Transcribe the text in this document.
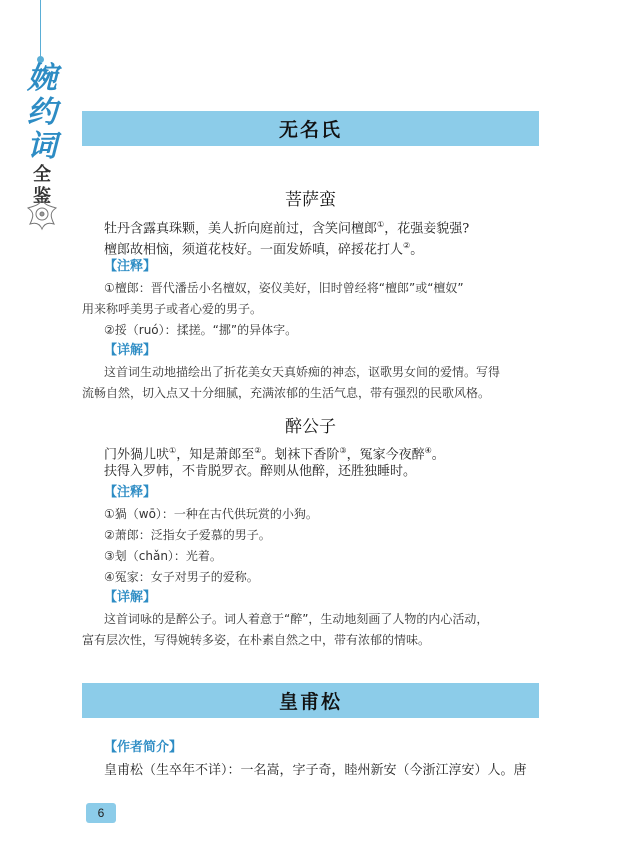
婉
约
词
全
鉴
无名氏
菩萨蛮
牡丹含露真珠颗，美人折向庭前过，含笑问檀郎①，花强妾貌强?
檀郎故相恼，须道花枝好。一面发娇嗔，碎挼花打人②。
【注释】
①檀郎：晋代潘岳小名檀奴，姿仪美好，旧时曾经将“檀郎”或“檀奴”
用来称呼美男子或者心爱的男子。
②挼（ruó）：揉搓。“挪”的异体字。
【详解】
这首词生动地描绘出了折花美女天真娇痴的神态，讴歌男女间的爱情。写得
流畅自然，切入点又十分细腻，充满浓郁的生活气息，带有强烈的民歌风格。
醉公子
门外猧儿吠①，知是萧郎至②。刬袜下香阶③，冤家今夜醉④。
扶得入罗帏，不肯脱罗衣。醉则从他醉，还胜独睡时。
【注释】
①猧（wō）：一种在古代供玩赏的小狗。
②萧郎：泛指女子爱慕的男子。
③刬（chǎn）：光着。
④冤家：女子对男子的爱称。
【详解】
这首词咏的是醉公子。词人着意于“醉”，生动地刻画了人物的内心活动，
富有层次性，写得婉转多姿，在朴素自然之中，带有浓郁的情味。
皇甫松
【作者简介】
皇甫松（生卒年不详）：一名嵩，字子奇，睦州新安（今浙江淳安）人。唐
6
